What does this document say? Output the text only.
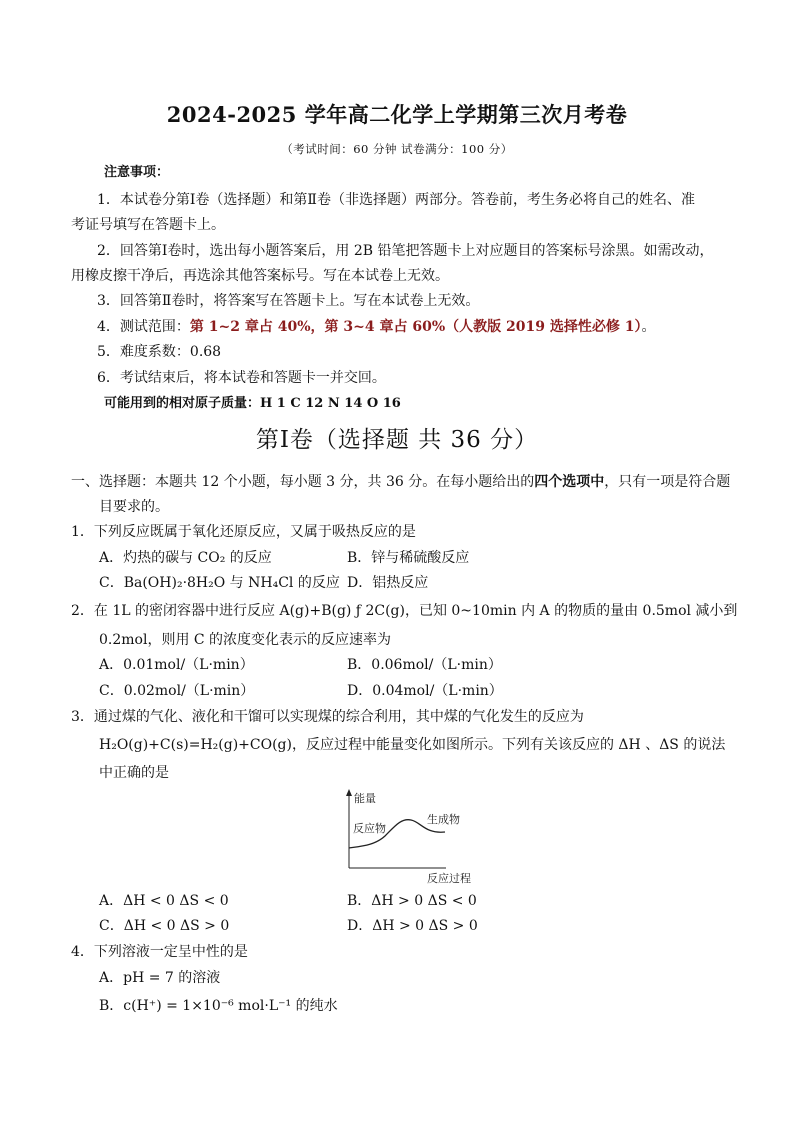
2024-2025 学年高二化学上学期第三次月考卷
（考试时间：60 分钟 试卷满分：100 分）
注意事项：
1．本试卷分第Ⅰ卷（选择题）和第Ⅱ卷（非选择题）两部分。答卷前，考生务必将自己的姓名、准
考证号填写在答题卡上。
2．回答第Ⅰ卷时，选出每小题答案后，用 2B 铅笔把答题卡上对应题目的答案标号涂黑。如需改动，
用橡皮擦干净后，再选涂其他答案标号。写在本试卷上无效。
3．回答第Ⅱ卷时，将答案写在答题卡上。写在本试卷上无效。
4．测试范围：第 1~2 章占 40%，第 3~4 章占 60%（人教版 2019 选择性必修 1）。
5．难度系数：0.68
6．考试结束后，将本试卷和答题卡一并交回。
可能用到的相对原子质量：H 1 C 12 N 14 O 16
第Ⅰ卷（选择题 共 36 分）
一、选择题：本题共 12 个小题，每小题 3 分，共 36 分。在每小题给出的四个选项中，只有一项是符合题
目要求的。
1．下列反应既属于氧化还原反应，又属于吸热反应的是
A．灼热的碳与 CO₂ 的反应	B．锌与稀硫酸反应
C．Ba(OH)₂·8H₂O 与 NH₄Cl 的反应 D．铝热反应
2．在 1L 的密闭容器中进行反应 A(g)+B(g) ƒ 2C(g)，已知 0~10min 内 A 的物质的量由 0.5mol 减小到
0.2mol，则用 C 的浓度变化表示的反应速率为
A．0.01mol/（L·min）	B．0.06mol/（L·min）
C．0.02mol/（L·min）	D．0.04mol/（L·min）
3．通过煤的气化、液化和干馏可以实现煤的综合利用，其中煤的气化发生的反应为
H₂O(g)+C(s)=H₂(g)+CO(g)，反应过程中能量变化如图所示。下列有关该反应的 ΔH 、ΔS 的说法
中正确的是
能量
反应物
生成物
反应过程
A．ΔH < 0 ΔS < 0	B．ΔH > 0 ΔS < 0
C．ΔH < 0 ΔS > 0	D．ΔH > 0 ΔS > 0
4．下列溶液一定呈中性的是
A．pH = 7 的溶液
B．c(H⁺) = 1×10⁻⁶ mol·L⁻¹ 的纯水
